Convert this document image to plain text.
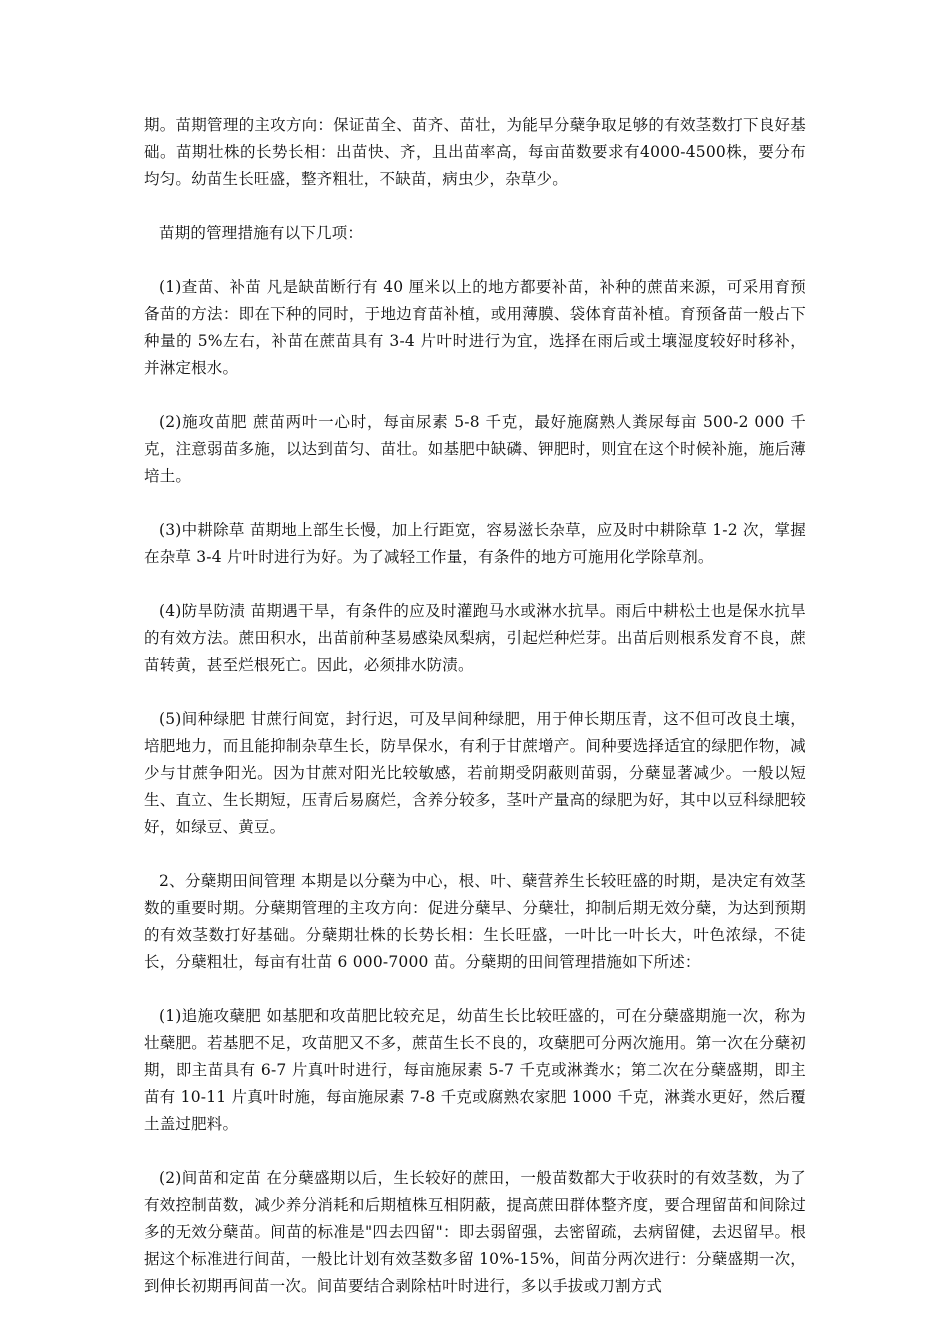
期。苗期管理的主攻方向：保证苗全、苗齐、苗壮，为能早分蘖争取足够的有效茎数打下良好基础。苗期壮株的长势长相：出苗快、齐，且出苗率高，每亩苗数要求有4000-4500株，要分布均匀。幼苗生长旺盛，整齐粗壮，不缺苗，病虫少，杂草少。

苗期的管理措施有以下几项：

(1)查苗、补苗 凡是缺苗断行有 40 厘米以上的地方都要补苗，补种的蔗苗来源，可采用育预备苗的方法：即在下种的同时，于地边育苗补植，或用薄膜、袋体育苗补植。育预备苗一般占下种量的 5%左右，补苗在蔗苗具有 3-4 片叶时进行为宜，选择在雨后或土壤湿度较好时移补，并淋定根水。

(2)施攻苗肥 蔗苗两叶一心时，每亩尿素 5-8 千克，最好施腐熟人粪尿每亩 500-2 000 千克，注意弱苗多施，以达到苗匀、苗壮。如基肥中缺磷、钾肥时，则宜在这个时候补施，施后薄培土。

(3)中耕除草 苗期地上部生长慢，加上行距宽，容易滋长杂草，应及时中耕除草 1-2 次，掌握在杂草 3-4 片叶时进行为好。为了减轻工作量，有条件的地方可施用化学除草剂。

(4)防旱防渍 苗期遇干旱，有条件的应及时灌跑马水或淋水抗旱。雨后中耕松土也是保水抗旱的有效方法。蔗田积水，出苗前种茎易感染凤梨病，引起烂种烂芽。出苗后则根系发育不良，蔗苗转黄，甚至烂根死亡。因此，必须排水防渍。

(5)间种绿肥 甘蔗行间宽，封行迟，可及早间种绿肥，用于伸长期压青，这不但可改良土壤，培肥地力，而且能抑制杂草生长，防旱保水，有利于甘蔗增产。间种要选择适宜的绿肥作物，减少与甘蔗争阳光。因为甘蔗对阳光比较敏感，若前期受阴蔽则苗弱，分蘖显著减少。一般以短生、直立、生长期短，压青后易腐烂，含养分较多，茎叶产量高的绿肥为好，其中以豆科绿肥较好，如绿豆、黄豆。

2、分蘖期田间管理 本期是以分蘖为中心，根、叶、蘖营养生长较旺盛的时期，是决定有效茎数的重要时期。分蘖期管理的主攻方向：促进分蘖早、分蘖壮，抑制后期无效分蘖，为达到预期的有效茎数打好基础。分蘖期壮株的长势长相：生长旺盛，一叶比一叶长大，叶色浓绿，不徒长，分蘖粗壮，每亩有壮苗 6 000-7000 苗。分蘖期的田间管理措施如下所述：

(1)追施攻蘖肥 如基肥和攻苗肥比较充足，幼苗生长比较旺盛的，可在分蘖盛期施一次，称为壮蘖肥。若基肥不足，攻苗肥又不多，蔗苗生长不良的，攻蘖肥可分两次施用。第一次在分蘖初期，即主苗具有 6-7 片真叶时进行，每亩施尿素 5-7 千克或淋粪水；第二次在分蘖盛期，即主苗有 10-11 片真叶时施，每亩施尿素 7-8 千克或腐熟农家肥 1000 千克，淋粪水更好，然后覆土盖过肥料。

(2)间苗和定苗 在分蘖盛期以后，生长较好的蔗田，一般苗数都大于收获时的有效茎数，为了有效控制苗数，减少养分消耗和后期植株互相阴蔽，提高蔗田群体整齐度，要合理留苗和间除过多的无效分蘖苗。间苗的标准是"四去四留"：即去弱留强，去密留疏，去病留健，去迟留早。根据这个标准进行间苗，一般比计划有效茎数多留 10%-15%，间苗分两次进行：分蘖盛期一次，到伸长初期再间苗一次。间苗要结合剥除枯叶时进行，多以手拔或刀割方式
